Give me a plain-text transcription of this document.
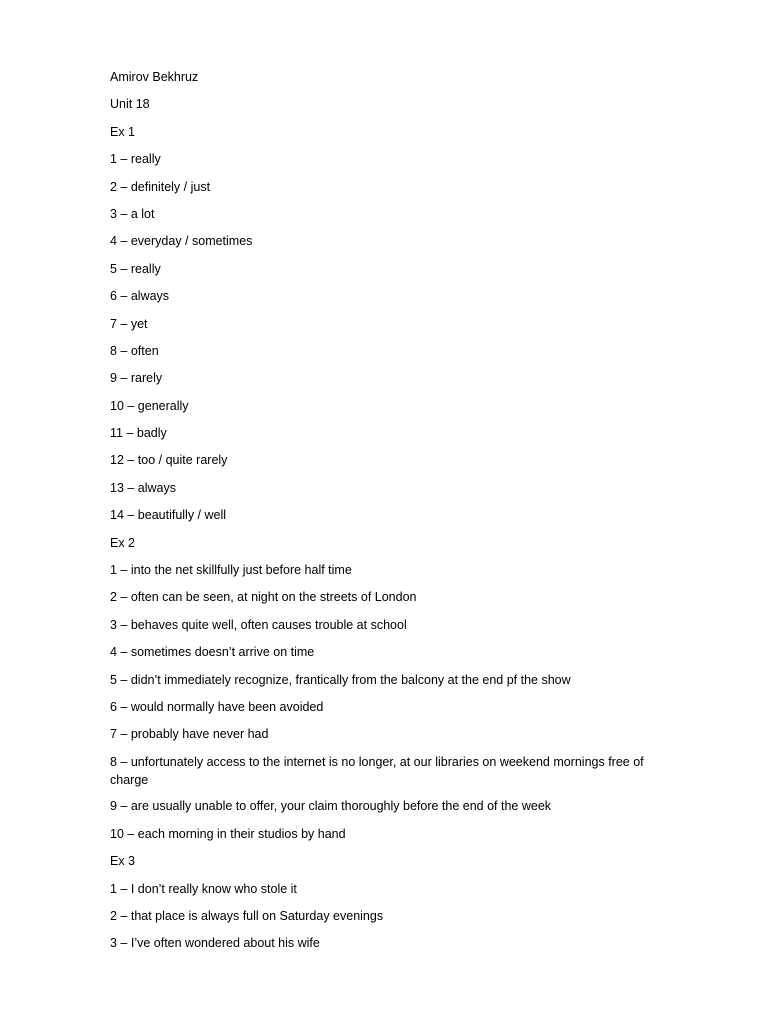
Amirov Bekhruz

Unit 18

Ex 1

1 – really

2 – definitely / just

3 – a lot

4 – everyday / sometimes

5 – really

6 – always

7 – yet

8 – often

9 – rarely

10 – generally

11 – badly

12 – too / quite rarely

13 – always

14 – beautifully / well

Ex 2

1 – into the net skillfully just before half time

2 – often can be seen, at night on the streets of London

3 – behaves quite well, often causes trouble at school

4 – sometimes doesn’t arrive on time

5 – didn’t immediately recognize, frantically from the balcony at the end pf the show

6 – would normally have been avoided

7 – probably have never had

8 – unfortunately access to the internet is no longer, at our libraries on weekend mornings free of charge

9 – are usually unable to offer, your claim thoroughly before the end of the week

10 – each morning in their studios by hand

Ex 3

1 – I don’t really know who stole it

2 – that place is always full on Saturday evenings

3 – I’ve often wondered about his wife
